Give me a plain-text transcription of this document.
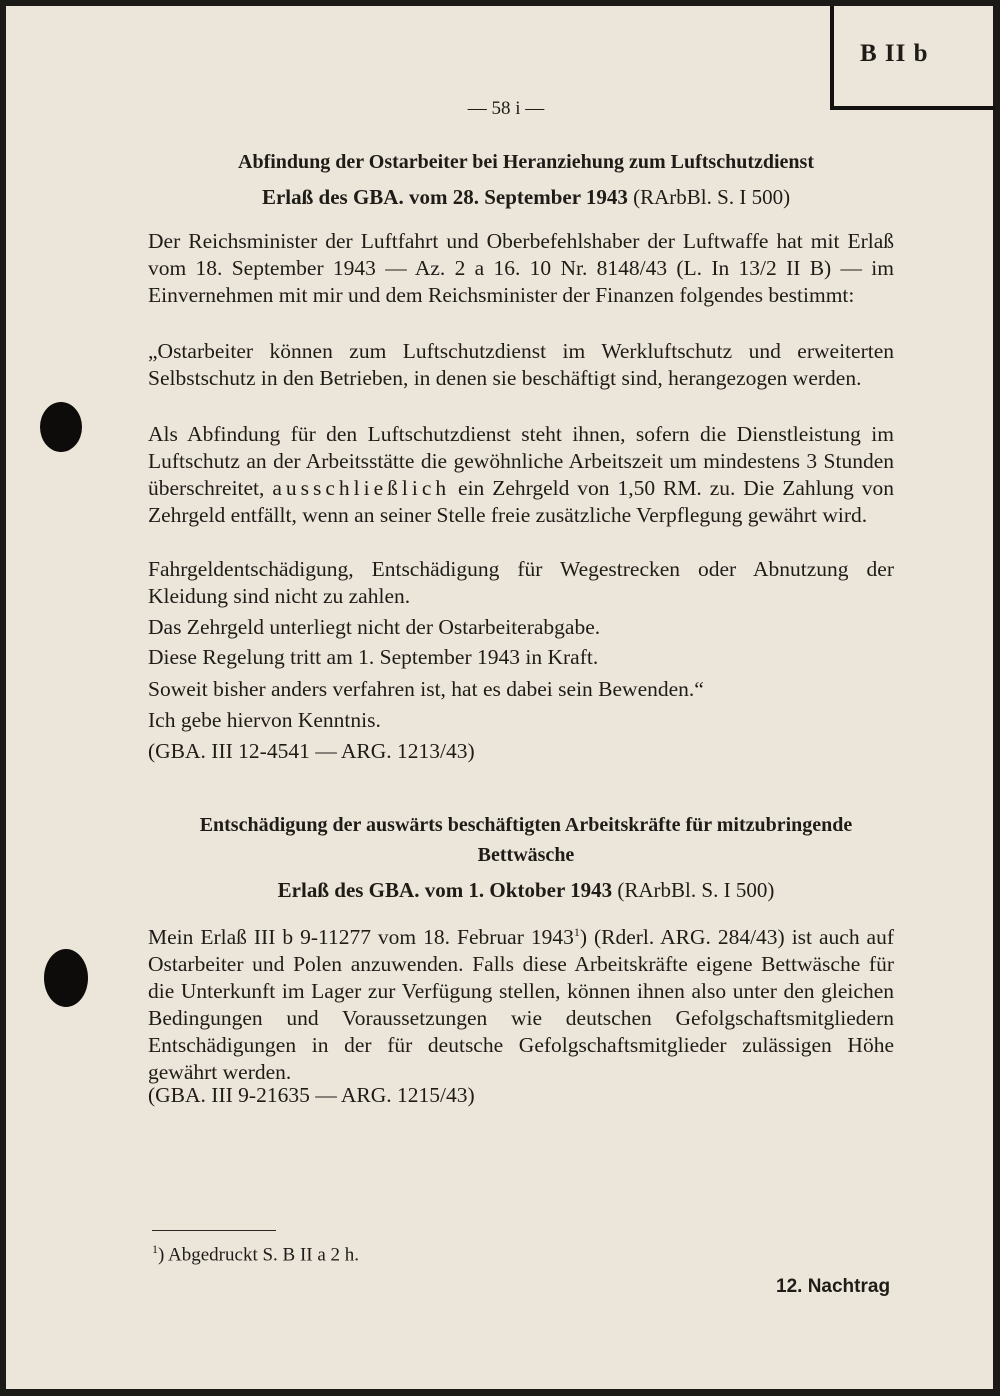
B II b
— 58 i —
Abfindung der Ostarbeiter bei Heranziehung zum Luftschutzdienst
Erlaß des GBA. vom 28. September 1943 (RArbBl. S. I 500)
Der Reichsminister der Luftfahrt und Oberbefehlshaber der Luftwaffe hat mit Erlaß vom 18. September 1943 — Az. 2 a 16. 10 Nr. 8148/43 (L. In 13/2 II B) — im Einvernehmen mit mir und dem Reichsminister der Finanzen folgendes bestimmt:
„Ostarbeiter können zum Luftschutzdienst im Werkluftschutz und erweiterten Selbstschutz in den Betrieben, in denen sie beschäftigt sind, herangezogen werden.
Als Abfindung für den Luftschutzdienst steht ihnen, sofern die Dienstleistung im Luftschutz an der Arbeitsstätte die gewöhnliche Arbeitszeit um mindestens 3 Stunden überschreitet, ausschließlich ein Zehrgeld von 1,50 RM. zu. Die Zahlung von Zehrgeld entfällt, wenn an seiner Stelle freie zusätzliche Verpflegung gewährt wird.
Fahrgeldentschädigung, Entschädigung für Wegestrecken oder Abnutzung der Kleidung sind nicht zu zahlen.
Das Zehrgeld unterliegt nicht der Ostarbeiterabgabe.
Diese Regelung tritt am 1. September 1943 in Kraft.
Soweit bisher anders verfahren ist, hat es dabei sein Bewenden.“
Ich gebe hiervon Kenntnis.
(GBA. III 12-4541 — ARG. 1213/43)
Entschädigung der auswärts beschäftigten Arbeitskräfte für mitzubringende
Bettwäsche
Erlaß des GBA. vom 1. Oktober 1943 (RArbBl. S. I 500)
Mein Erlaß III b 9-11277 vom 18. Februar 1943$^1$) (Rderl. ARG. 284/43) ist auch auf Ostarbeiter und Polen anzuwenden. Falls diese Arbeitskräfte eigene Bettwäsche für die Unterkunft im Lager zur Verfügung stellen, können ihnen also unter den gleichen Bedingungen und Voraussetzungen wie deutschen Gefolgschaftsmitgliedern Entschädigungen in der für deutsche Gefolgschaftsmitglieder zulässigen Höhe gewährt werden.
(GBA. III 9-21635 — ARG. 1215/43)
$^1$) Abgedruckt S. B II a 2 h.
12. Nachtrag
